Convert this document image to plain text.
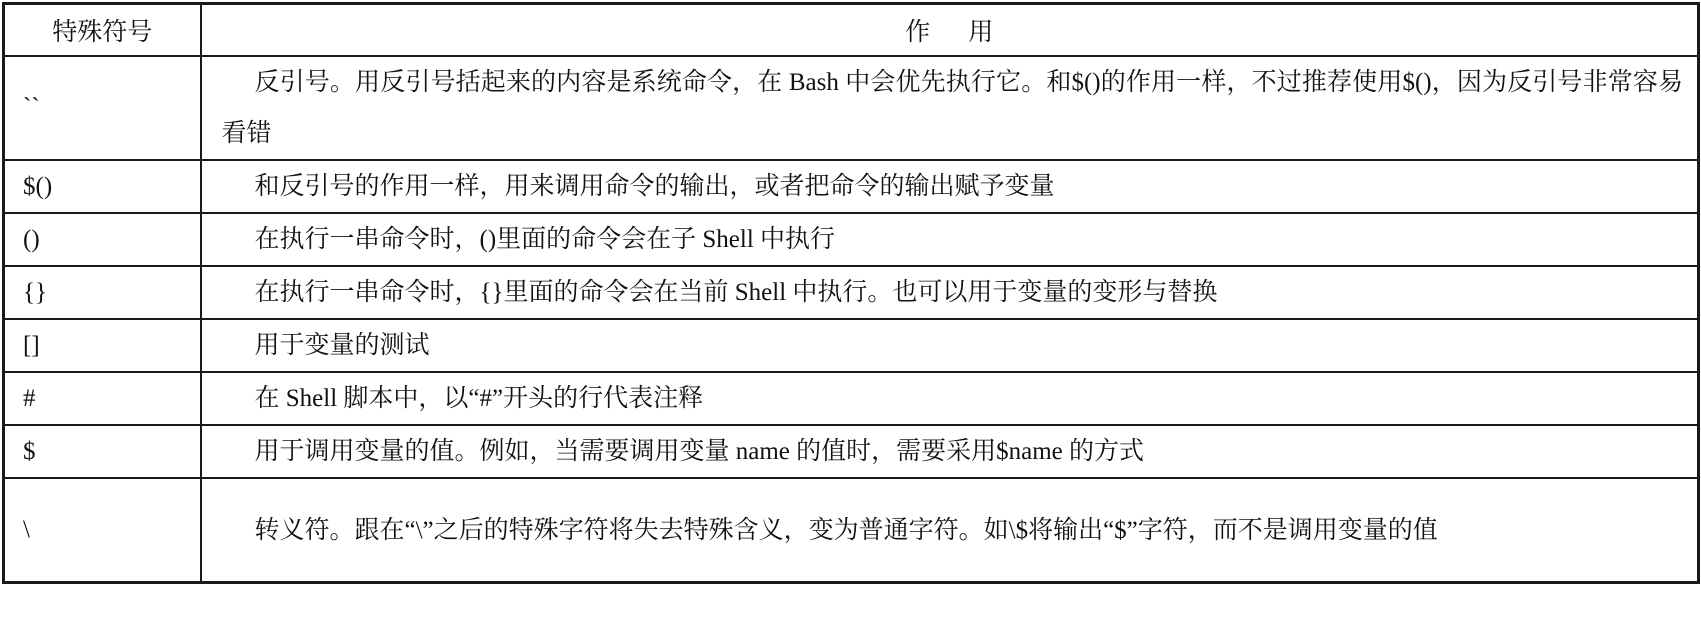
特殊符号	作用
``	反引号。用反引号括起来的内容是系统命令，在 Bash 中会优先执行它。和$()的作用一样，不过推荐使用$()，因为反引号非常容易看错

$()	和反引号的作用一样，用来调用命令的输出，或者把命令的输出赋予变量

()	在执行一串命令时，()里面的命令会在子 Shell 中执行

{}	在执行一串命令时，{}里面的命令会在当前 Shell 中执行。也可以用于变量的变形与替换

[]	用于变量的测试

#	在 Shell 脚本中，以“#”开头的行代表注释

$	用于调用变量的值。例如，当需要调用变量 name 的值时，需要采用$name 的方式

\	转义符。跟在“\”之后的特殊字符将失去特殊含义，变为普通字符。如\$将输出“$”字符，而不是调用变量的值
